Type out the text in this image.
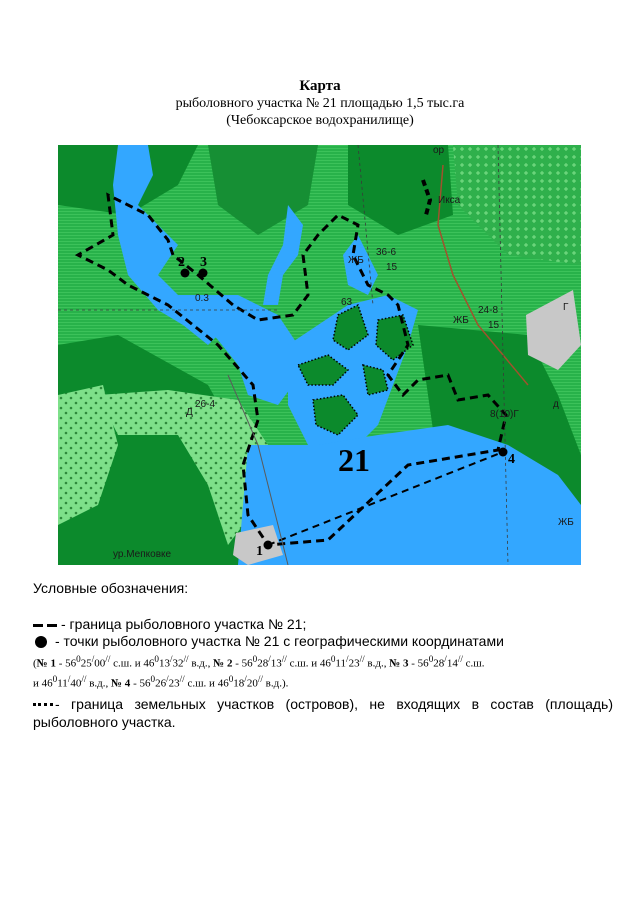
Карта
рыболовного участка № 21 площадью 1,5 тыс.га
(Чебоксарское водохранилище)
1
2 3
4
21
Икса
36-6
15
ЖБ
ЖБ
ЖБ
24-8
15
63
0.3
26-4
Д	8(10)Г
Г
д
ур.Мепковке
ор
Условные обозначения:
- граница рыболовного участка № 21;
- точки рыболовного участка № 21 с географическими координатами
(№ $1 - 56^025^/00^{//}$ с.ш. и $46^013^/32^{//}$ в.д., № $2 - 56^028^/13^{//}$ с.ш. и $46^011^/23^{//}$ в.д., № $3 - 56^028^/14^{//}$ с.ш.
и $46^011^/40^{//}$ в.д., № $4 - 56^026^/23^{//}$ с.ш. и $46^018^/20^{//}$ в.д.).
- граница земельных участков (островов), не входящих в состав (площадь) рыболовного участка.
